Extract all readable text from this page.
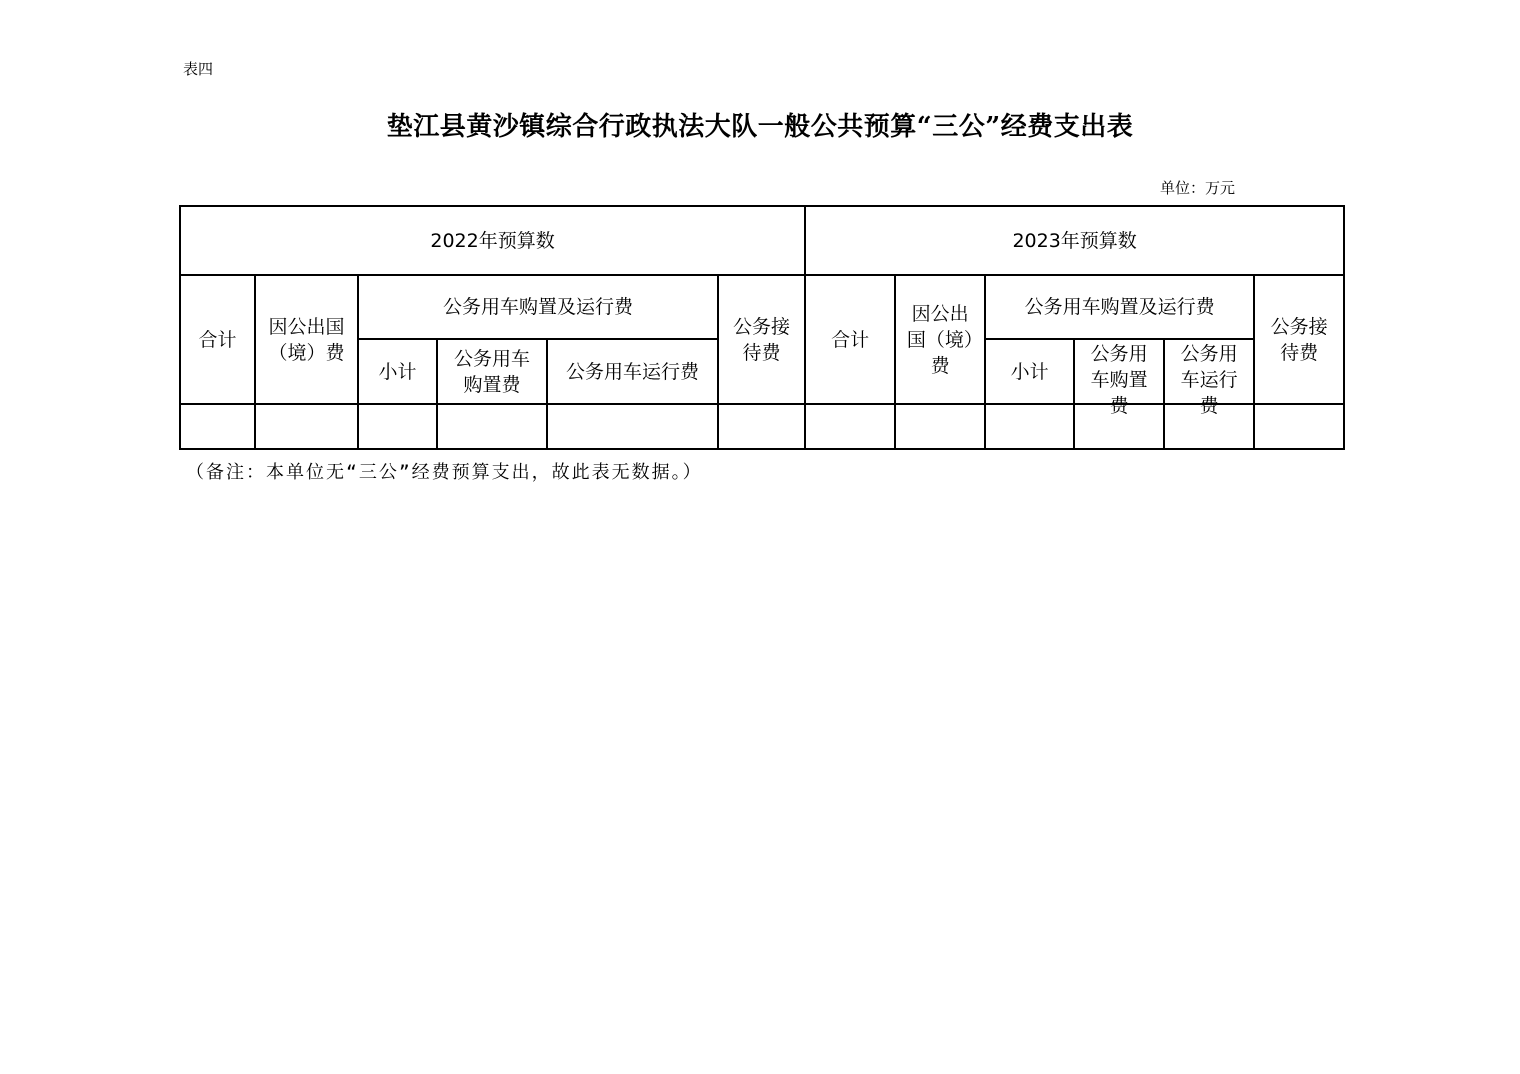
表四
垫江县黄沙镇综合行政执法大队一般公共预算“三公”经费支出表
单位：万元
2022年预算数						2023年预算数					
合计	因公出国（境）费	公务用车购置及运行费			公务接待费	合计	因公出国（境）费	公务用车购置及运行费			公务接待费
		小计	公务用车购置费	公务用车运行费				小计	公务用车购置费	公务用车运行费	

（备注：本单位无“三公”经费预算支出，故此表无数据。）
